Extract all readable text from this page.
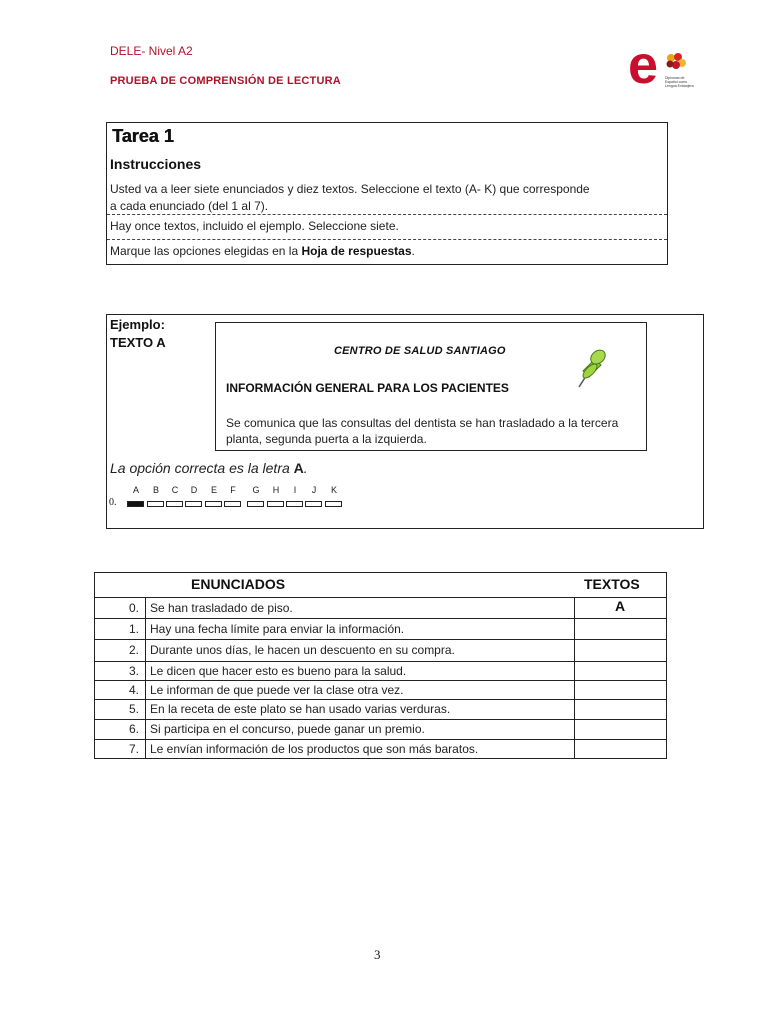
DELE- Nivel A2
PRUEBA DE COMPRENSIÓN DE LECTURA	e Diplomas de Español como Lengua Extranjera
Tarea 1
Instrucciones
Usted va a leer siete enunciados y diez textos. Seleccione el texto (A- K) que corresponde a cada enunciado (del 1 al 7).
Hay once textos, incluido el ejemplo. Seleccione siete.
Marque las opciones elegidas en la Hoja de respuestas.
Ejemplo:
TEXTO A
CENTRO DE SALUD SANTIAGO
INFORMACIÓN GENERAL PARA LOS PACIENTES
Se comunica que las consultas del dentista se han trasladado a la tercera planta, segunda puerta a la izquierda.
La opción correcta es la letra A.
0.
A	B	C	D	E	F	G	H	I	J	K
ENUNCIADOS	TEXTOS
0. Se han trasladado de piso.	A
1. Hay una fecha límite para enviar la información.
2. Durante unos días, le hacen un descuento en su compra.
3. Le dicen que hacer esto es bueno para la salud.
4. Le informan de que puede ver la clase otra vez.
5. En la receta de este plato se han usado varias verduras.
6. Si participa en el concurso, puede ganar un premio.
7. Le envían información de los productos que son más baratos.
3
